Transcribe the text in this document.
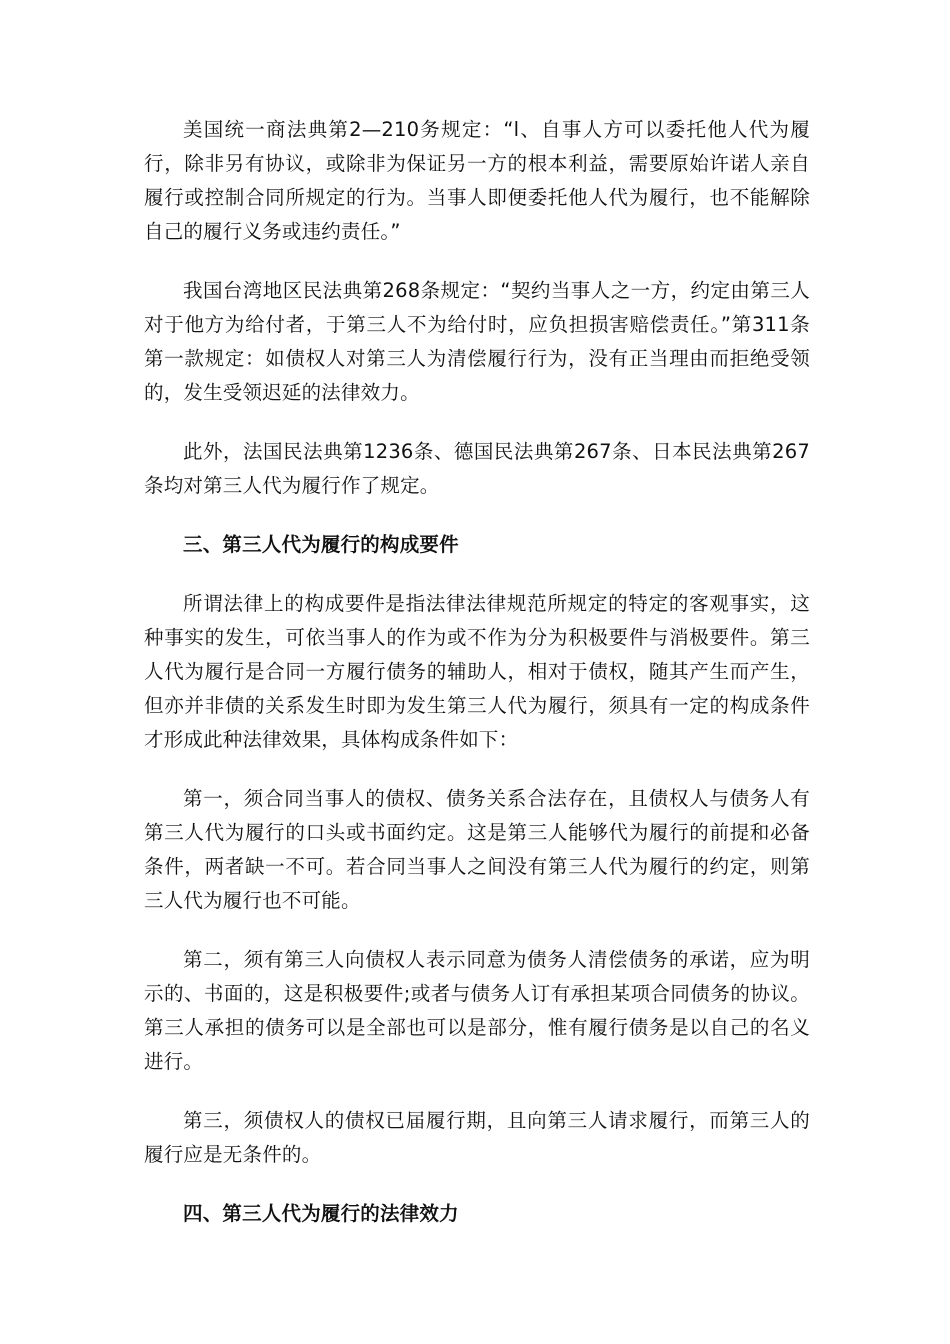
美国统一商法典第2—210务规定：“l、自事人方可以委托他人代为履行，除非另有协议，或除非为保证另一方的根本利益，需要原始许诺人亲自履行或控制合同所规定的行为。当事人即便委托他人代为履行，也不能解除自己的履行义务或违约责任。”

我国台湾地区民法典第268条规定：“契约当事人之一方，约定由第三人对于他方为给付者，于第三人不为给付时，应负担损害赔偿责任。”第311条第一款规定：如债权人对第三人为清偿履行行为，没有正当理由而拒绝受领的，发生受领迟延的法律效力。

此外，法国民法典第1236条、德国民法典第267条、日本民法典第267条均对第三人代为履行作了规定。

三、第三人代为履行的构成要件

所谓法律上的构成要件是指法律法律规范所规定的特定的客观事实，这种事实的发生，可依当事人的作为或不作为分为积极要件与消极要件。第三人代为履行是合同一方履行债务的辅助人，相对于债权，随其产生而产生，但亦并非债的关系发生时即为发生第三人代为履行，须具有一定的构成条件才形成此种法律效果，具体构成条件如下：

第一，须合同当事人的债权、债务关系合法存在，且债权人与债务人有第三人代为履行的口头或书面约定。这是第三人能够代为履行的前提和必备条件，两者缺一不可。若合同当事人之间没有第三人代为履行的约定，则第三人代为履行也不可能。

第二，须有第三人向债权人表示同意为债务人清偿债务的承诺，应为明示的、书面的，这是积极要件;或者与债务人订有承担某项合同债务的协议。第三人承担的债务可以是全部也可以是部分，惟有履行债务是以自己的名义进行。

第三，须债权人的债权已届履行期，且向第三人请求履行，而第三人的履行应是无条件的。

四、第三人代为履行的法律效力
